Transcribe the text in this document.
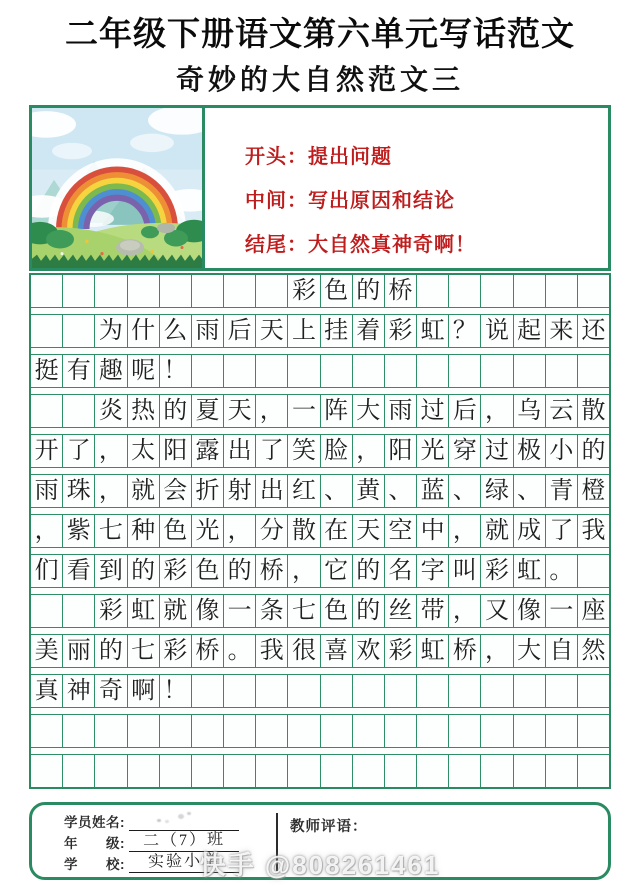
二年级下册语文第六单元写话范文
奇妙的大自然范文三

开头：提出问题

中间：写出原因和结论

结尾：大自然真神奇啊！

彩 色 的 桥
为 什 么 雨 后 天 上 挂 着 彩 虹 ？ 说 起 来 还
挺 有 趣 呢 ！
炎 热 的 夏 天 ， 一 阵 大 雨 过 后 ， 乌 云 散
开 了 ， 太 阳 露 出 了 笑 脸 ， 阳 光 穿 过 极 小 的
雨 珠 ， 就 会 折 射 出 红 、 黄 、 蓝 、 绿 、 青 橙
， 紫 七 种 色 光 ， 分 散 在 天 空 中 ， 就 成 了 我
们 看 到 的 彩 色 的 桥 ， 它 的 名 字 叫 彩 虹 。
彩 虹 就 像 一 条 七 色 的 丝 带 ， 又 像 一 座
美 丽 的 七 彩 桥 。 我 很 喜 欢 彩 虹 桥 ， 大 自 然
真 神 奇 啊 ！
学员姓名:
年　　级:	二（7）班
学　　校:	实验小学
教师评语：
快手 @808261461
